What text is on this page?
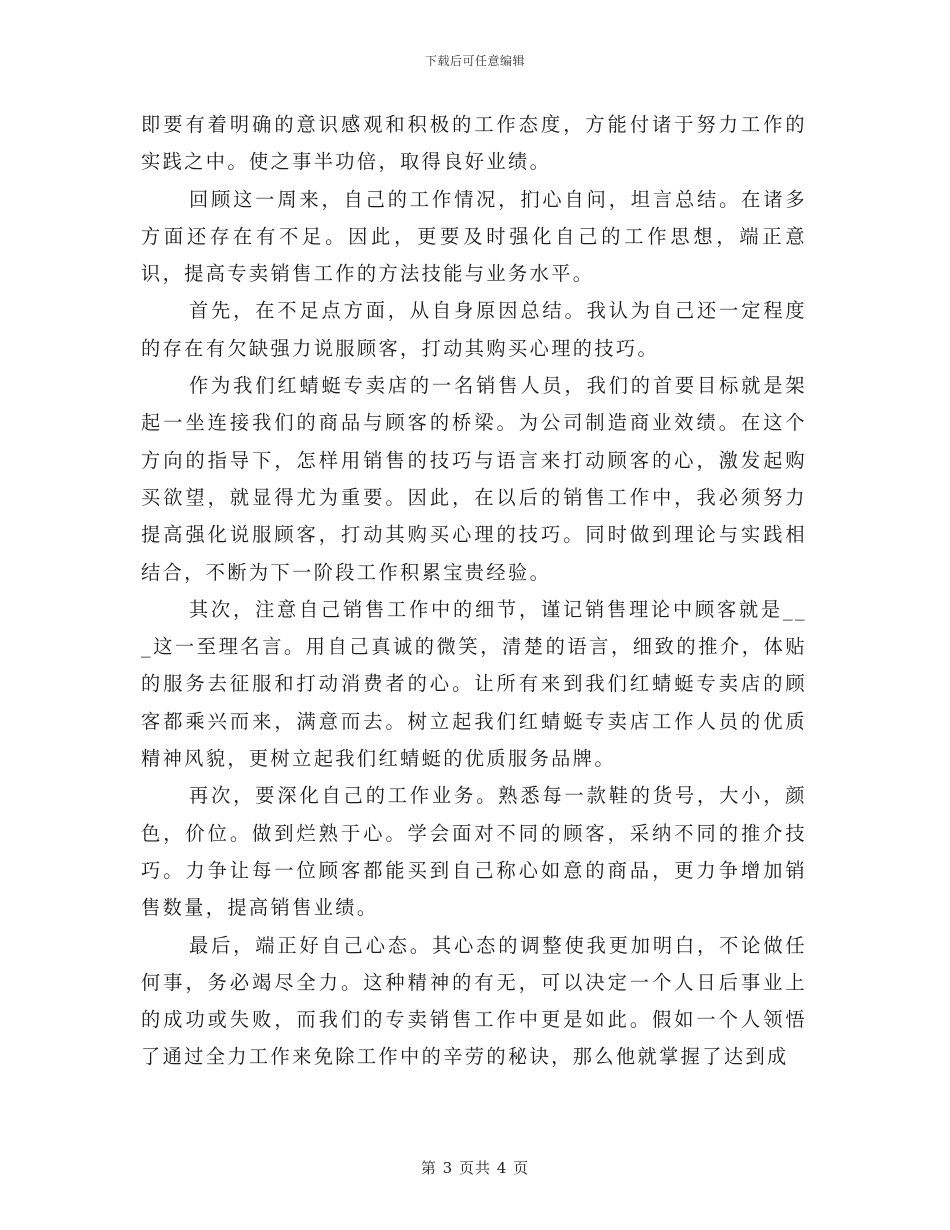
下载后可任意编辑

即要有着明确的意识感观和积极的工作态度，方能付诸于努力工作的实践之中。使之事半功倍，取得良好业绩。

回顾这一周来，自己的工作情况，扪心自问，坦言总结。在诸多方面还存在有不足。因此，更要及时强化自己的工作思想，端正意识，提高专卖销售工作的方法技能与业务水平。

首先，在不足点方面，从自身原因总结。我认为自己还一定程度的存在有欠缺强力说服顾客，打动其购买心理的技巧。

作为我们红蜻蜓专卖店的一名销售人员，我们的首要目标就是架起一坐连接我们的商品与顾客的桥梁。为公司制造商业效绩。在这个方向的指导下，怎样用销售的技巧与语言来打动顾客的心，激发起购买欲望，就显得尤为重要。因此，在以后的销售工作中，我必须努力提高强化说服顾客，打动其购买心理的技巧。同时做到理论与实践相结合，不断为下一阶段工作积累宝贵经验。

其次，注意自己销售工作中的细节，谨记销售理论中顾客就是___这一至理名言。用自己真诚的微笑，清楚的语言，细致的推介，体贴的服务去征服和打动消费者的心。让所有来到我们红蜻蜓专卖店的顾客都乘兴而来，满意而去。树立起我们红蜻蜓专卖店工作人员的优质精神风貌，更树立起我们红蜻蜓的优质服务品牌。

再次，要深化自己的工作业务。熟悉每一款鞋的货号，大小，颜色，价位。做到烂熟于心。学会面对不同的顾客，采纳不同的推介技巧。力争让每一位顾客都能买到自己称心如意的商品，更力争增加销售数量，提高销售业绩。

最后，端正好自己心态。其心态的调整使我更加明白，不论做任何事，务必竭尽全力。这种精神的有无，可以决定一个人日后事业上的成功或失败，而我们的专卖销售工作中更是如此。假如一个人领悟了通过全力工作来免除工作中的辛劳的秘诀，那么他就掌握了达到成

第 3 页共 4 页
